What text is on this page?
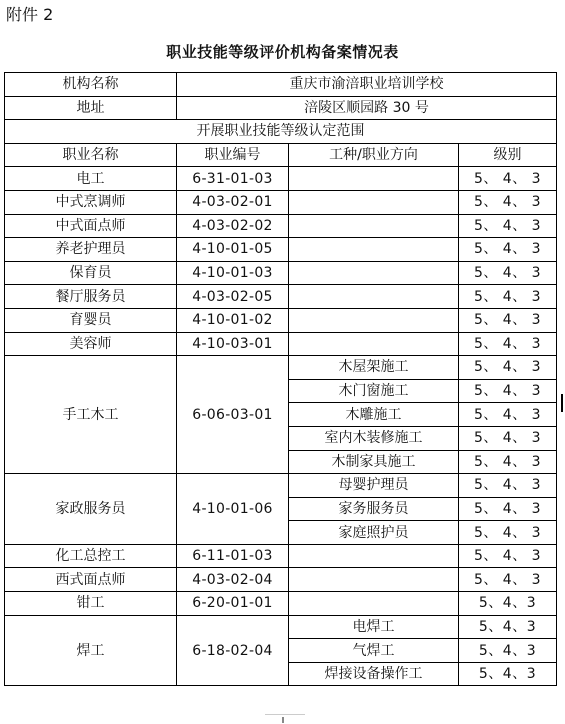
附件 2
职业技能等级评价机构备案情况表
机构名称	重庆市渝涪职业培训学校		
地址	涪陵区顺园路 30 号		
开展职业技能等级认定范围			
职业名称	职业编号	工种/职业方向	级别
电工	6-31-01-03		5、 4、 3
中式烹调师	4-03-02-01		5、 4、 3
中式面点师	4-03-02-02		5、 4、 3
养老护理员	4-10-01-05		5、 4、 3
保育员	4-10-01-03		5、 4、 3
餐厅服务员	4-03-02-05		5、 4、 3
育婴员	4-10-01-02		5、 4、 3
美容师	4-10-03-01		5、 4、 3
手工木工	6-06-03-01	木屋架施工	5、 4、 3
		木门窗施工	5、 4、 3
		木雕施工	5、 4、 3
		室内木装修施工	5、 4、 3
		木制家具施工	5、 4、 3
家政服务员	4-10-01-06	母婴护理员	5、 4、 3
		家务服务员	5、 4、 3
		家庭照护员	5、 4、 3
化工总控工	6-11-01-03		5、 4、 3
西式面点师	4-03-02-04		5、 4、 3
钳工	6-20-01-01		5、4、3
焊工	6-18-02-04	电焊工	5、4、3
		气焊工	5、4、3
		焊接设备操作工	5、4、3
